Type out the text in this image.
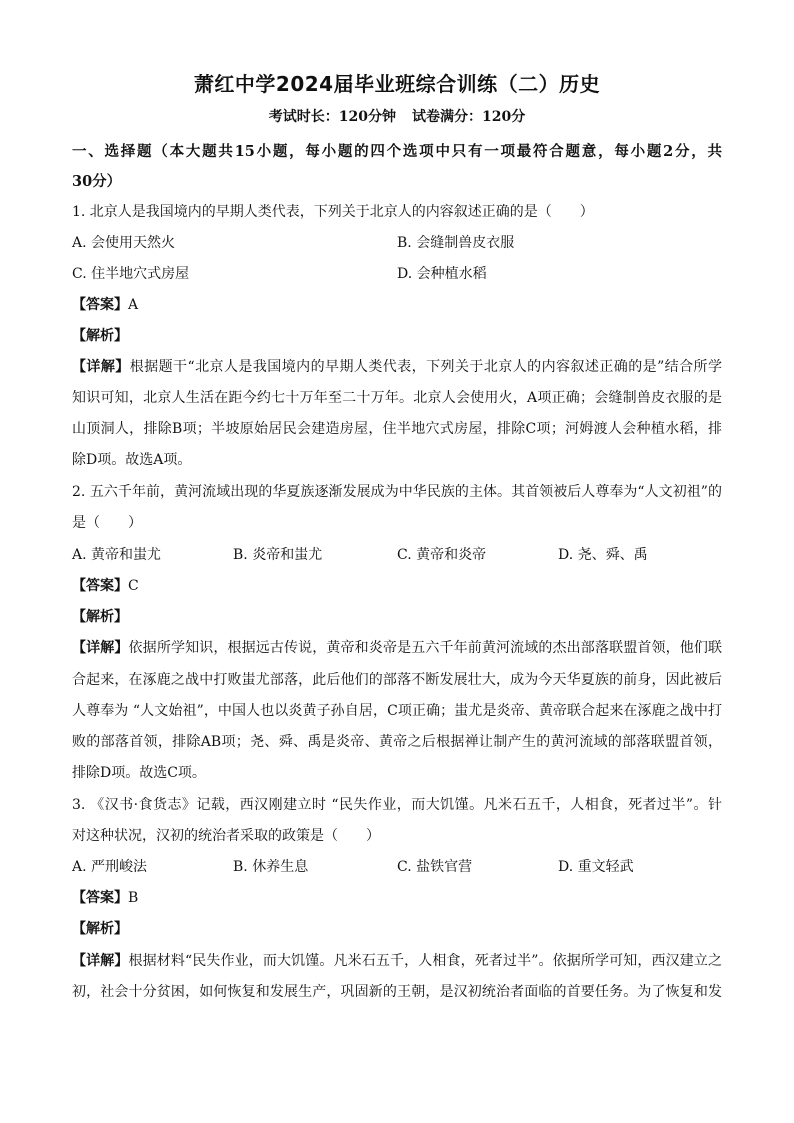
萧红中学2024届毕业班综合训练（二）历史
考试时长：120分钟 试卷满分：120分
一、选择题（本大题共15小题，每小题的四个选项中只有一项最符合题意，每小题2分，共
30分）
1. 北京人是我国境内的早期人类代表，下列关于北京人的内容叙述正确的是（　　）
A. 会使用天然火	B. 会缝制兽皮衣服
C. 住半地穴式房屋	D. 会种植水稻
【答案】A
【解析】
【详解】根据题干“北京人是我国境内的早期人类代表，下列关于北京人的内容叙述正确的是”结合所学
知识可知，北京人生活在距今约七十万年至二十万年。北京人会使用火，A项正确；会缝制兽皮衣服的是
山顶洞人，排除B项；半坡原始居民会建造房屋，住半地穴式房屋，排除C项；河姆渡人会种植水稻，排
除D项。故选A项。
2. 五六千年前，黄河流域出现的华夏族逐渐发展成为中华民族的主体。其首领被后人尊奉为“人文初祖”的
是（　　）
A. 黄帝和蚩尤	B. 炎帝和蚩尤	C. 黄帝和炎帝	D. 尧、舜、禹
【答案】C
【解析】
【详解】依据所学知识，根据远古传说，黄帝和炎帝是五六千年前黄河流域的杰出部落联盟首领，他们联
合起来，在涿鹿之战中打败蚩尤部落，此后他们的部落不断发展壮大，成为今天华夏族的前身，因此被后
人尊奉为 “人文始祖”，中国人也以炎黄子孙自居，C项正确；蚩尤是炎帝、黄帝联合起来在涿鹿之战中打
败的部落首领，排除AB项；尧、舜、禹是炎帝、黄帝之后根据禅让制产生的黄河流域的部落联盟首领，
排除D项。故选C项。
3. 《汉书·食货志》记载，西汉刚建立时 “民失作业，而大饥馑。凡米石五千，人相食，死者过半”。针
对这种状况，汉初的统治者采取的政策是（　　）
A. 严刑峻法	B. 休养生息	C. 盐铁官营	D. 重文轻武
【答案】B
【解析】
【详解】根据材料“民失作业，而大饥馑。凡米石五千，人相食，死者过半”。依据所学可知，西汉建立之
初，社会十分贫困，如何恢复和发展生产，巩固新的王朝，是汉初统治者面临的首要任务。为了恢复和发
